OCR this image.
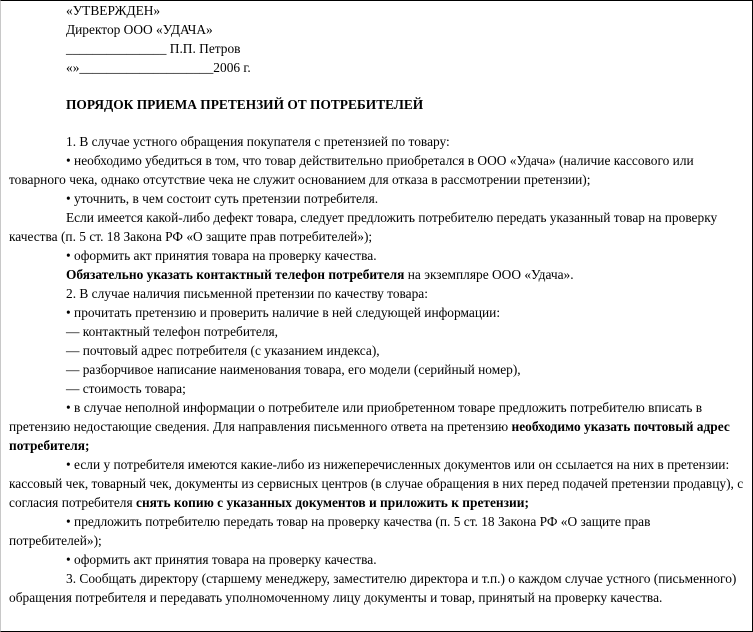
«УТВЕРЖДЕН»
Директор ООО «УДАЧА»
_______________ П.П. Петров
«»____________________2006 г.
ПОРЯДОК ПРИЕМА ПРЕТЕНЗИЙ ОТ ПОТРЕБИТЕЛЕЙ
1. В случае устного обращения покупателя с претензией по товару:
• необходимо убедиться в том, что товар действительно приобретался в ООО «Удача» (наличие кассового или товарного чека, однако отсутствие чека не служит основанием для отказа в рассмотрении претензии);
• уточнить, в чем состоит суть претензии потребителя.
Если имеется какой-либо дефект товара, следует предложить потребителю передать указанный товар на проверку качества (п. 5 ст. 18 Закона РФ «О защите прав потребителей»);
• оформить акт принятия товара на проверку качества.
Обязательно указать контактный телефон потребителя на экземпляре ООО «Удача».
2. В случае наличия письменной претензии по качеству товара:
• прочитать претензию и проверить наличие в ней следующей информации:
— контактный телефон потребителя,
— почтовый адрес потребителя (с указанием индекса),
— разборчивое написание наименования товара, его модели (серийный номер),
— стоимость товара;
• в случае неполной информации о потребителе или приобретенном товаре предложить потребителю вписать в претензию недостающие сведения. Для направления письменного ответа на претензию необходимо указать почтовый адрес потребителя;
• если у потребителя имеются какие-либо из нижеперечисленных документов или он ссылается на них в претензии: кассовый чек, товарный чек, документы из сервисных центров (в случае обращения в них перед подачей претензии продавцу), с согласия потребителя снять копию с указанных документов и приложить к претензии;
• предложить потребителю передать товар на проверку качества (п. 5 ст. 18 Закона РФ «О защите прав потребителей»);
• оформить акт принятия товара на проверку качества.
3. Сообщать директору (старшему менеджеру, заместителю директора и т.п.) о каждом случае устного (письменного) обращения потребителя и передавать уполномоченному лицу документы и товар, принятый на проверку качества.
